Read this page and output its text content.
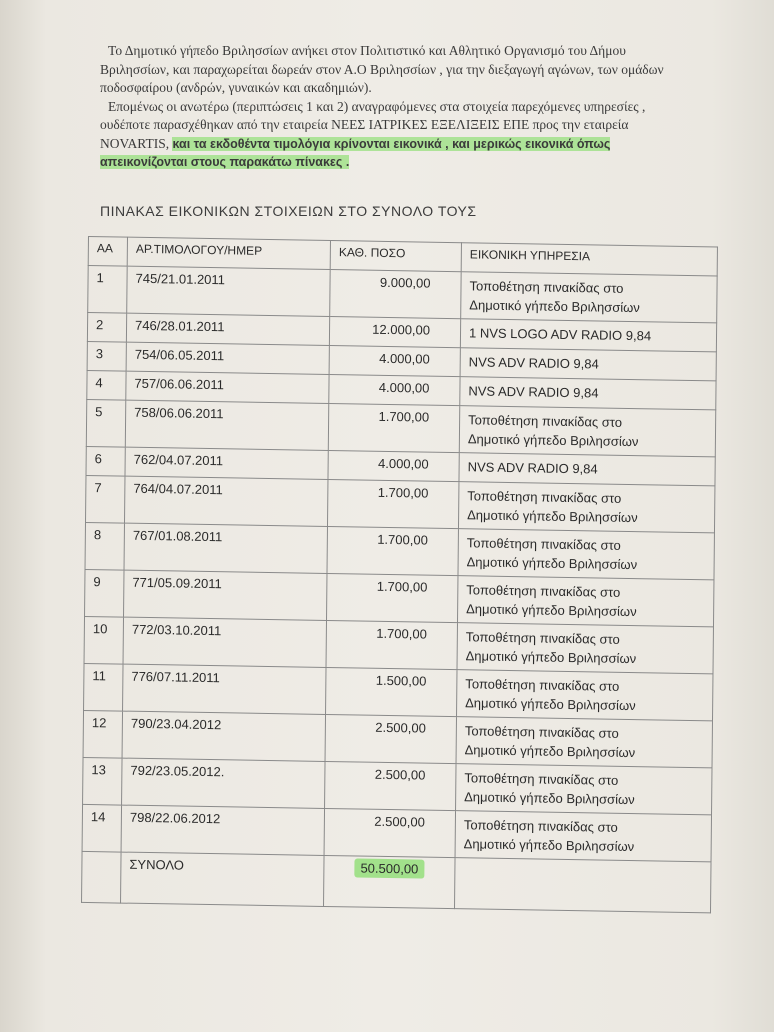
Το Δημοτικό γήπεδο Βριλησσίων ανήκει στον Πολιτιστικό και Αθλητικό Οργανισμό του Δήμου Βριλησσίων, και παραχωρείται δωρεάν στον Α.Ο Βριλησσίων , για την διεξαγωγή αγώνων, των ομάδων ποδοσφαίρου (ανδρών, γυναικών και ακαδημιών).

Επομένως οι ανωτέρω (περιπτώσεις 1 και 2) αναγραφόμενες στα στοιχεία παρεχόμενες υπηρεσίες , ουδέποτε παρασχέθηκαν από την εταιρεία ΝΕΕΣ ΙΑΤΡΙΚΕΣ ΕΞΕΛΙΞΕΙΣ ΕΠΕ προς την εταιρεία NOVARTIS, και τα εκδοθέντα τιμολόγια κρίνονται εικονικά , και μερικώς εικονικά όπως απεικονίζονται στους παρακάτω πίνακες .

ΠΙΝΑΚΑΣ ΕΙΚΟΝΙΚΩΝ ΣΤΟΙΧΕΙΩΝ ΣΤΟ ΣΥΝΟΛΟ ΤΟΥΣ
ΑΑ	ΑΡ.ΤΙΜΟΛΟΓΟΥ/ΗΜΕΡ	ΚΑΘ. ΠΟΣΟ	ΕΙΚΟΝΙΚΗ ΥΠΗΡΕΣΙΑ
1	745/21.01.2011	9.000,00	Τοποθέτηση πινακίδας στο
Δημοτικό γήπεδο Βριλησσίων

2	746/28.01.2011	12.000,00	1 NVS LOGO ADV RADIO 9,84

3	754/06.05.2011	4.000,00	NVS ADV RADIO 9,84

4	757/06.06.2011	4.000,00	NVS ADV RADIO 9,84

5	758/06.06.2011	1.700,00	Τοποθέτηση πινακίδας στο
Δημοτικό γήπεδο Βριλησσίων

6	762/04.07.2011	4.000,00	NVS ADV RADIO 9,84

7	764/04.07.2011	1.700,00	Τοποθέτηση πινακίδας στο
Δημοτικό γήπεδο Βριλησσίων

8	767/01.08.2011	1.700,00	Τοποθέτηση πινακίδας στο
Δημοτικό γήπεδο Βριλησσίων

9	771/05.09.2011	1.700,00	Τοποθέτηση πινακίδας στο
Δημοτικό γήπεδο Βριλησσίων

10	772/03.10.2011	1.700,00	Τοποθέτηση πινακίδας στο
Δημοτικό γήπεδο Βριλησσίων

11	776/07.11.2011	1.500,00	Τοποθέτηση πινακίδας στο
Δημοτικό γήπεδο Βριλησσίων

12	790/23.04.2012	2.500,00	Τοποθέτηση πινακίδας στο
Δημοτικό γήπεδο Βριλησσίων

13	792/23.05.2012.	2.500,00	Τοποθέτηση πινακίδας στο
Δημοτικό γήπεδο Βριλησσίων

14	798/22.06.2012	2.500,00	Τοποθέτηση πινακίδας στο
Δημοτικό γήπεδο Βριλησσίων

	ΣΥΝΟΛΟ	50.500,00	
